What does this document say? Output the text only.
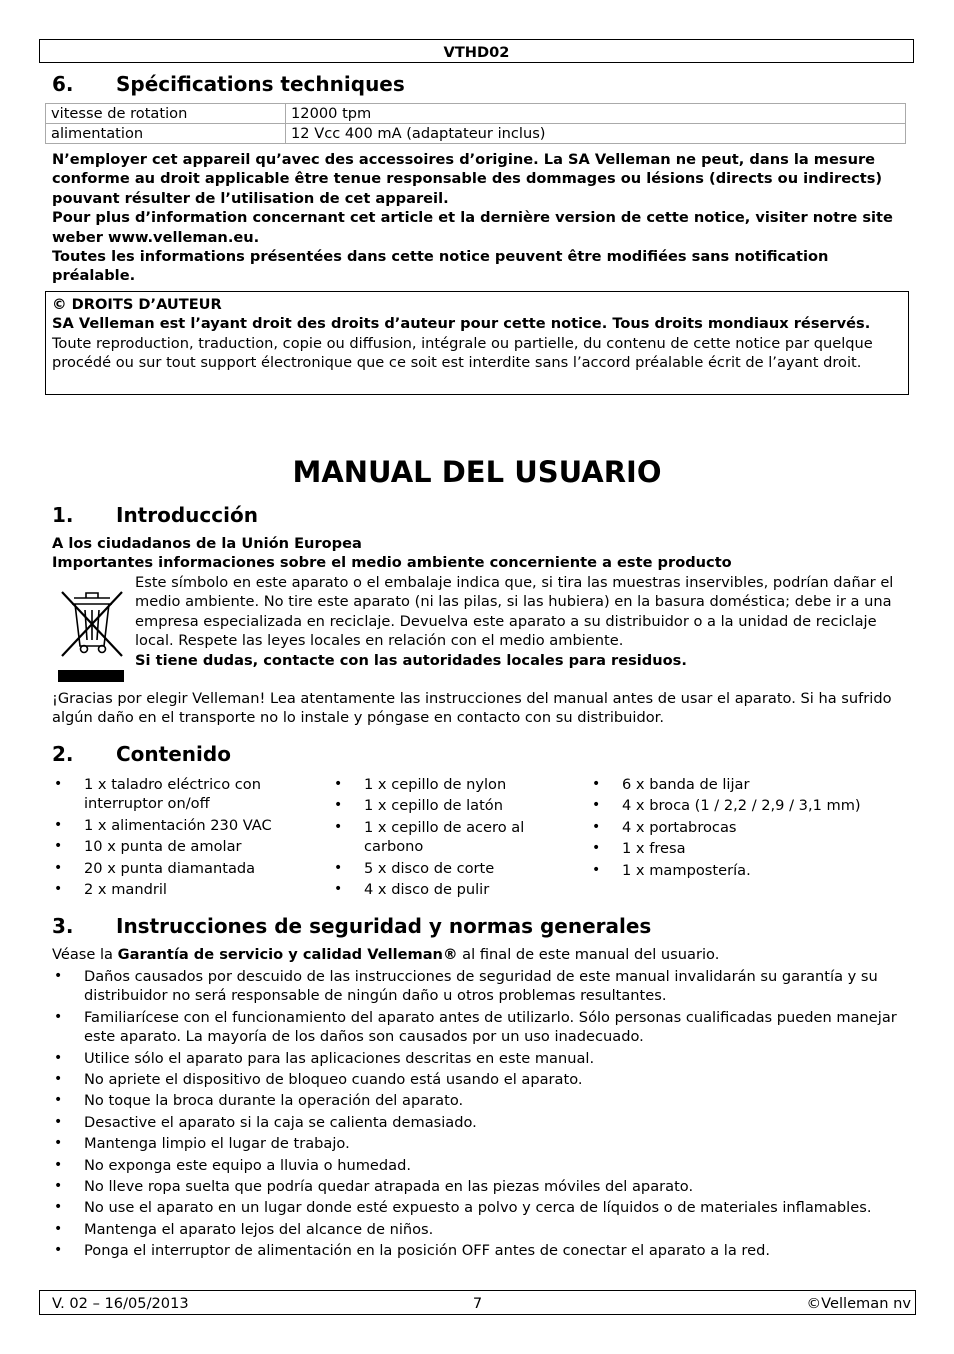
VTHD02
6. Spécifications techniques
vitesse de rotation	12000 tpm
alimentation	12 Vcc 400 mA (adaptateur inclus)

N’employer cet appareil qu’avec des accessoires d’origine. La SA Velleman ne peut, dans la mesure conforme au droit applicable être tenue responsable des dommages ou lésions (directs ou indirects) pouvant résulter de l’utilisation de cet appareil.

Pour plus d’information concernant cet article et la dernière version de cette notice, visiter notre site weber www.velleman.eu.

Toutes les informations présentées dans cette notice peuvent être modifiées sans notification préalable.

© DROITS D’AUTEUR

SA Velleman est l’ayant droit des droits d’auteur pour cette notice. Tous droits mondiaux réservés. Toute reproduction, traduction, copie ou diffusion, intégrale ou partielle, du contenu de cette notice par quelque procédé ou sur tout support électronique que ce soit est interdite sans l’accord préalable écrit de l’ayant droit.

MANUAL DEL USUARIO
1. Introducción

A los ciudadanos de la Unión Europea

Importantes informaciones sobre el medio ambiente concerniente a este producto

Este símbolo en este aparato o el embalaje indica que, si tira las muestras inservibles, podrían dañar el medio ambiente. No tire este aparato (ni las pilas, si las hubiera) en la basura doméstica; debe ir a una empresa especializada en reciclaje. Devuelva este aparato a su distribuidor o a la unidad de reciclaje local. Respete las leyes locales en relación con el medio ambiente.

Si tiene dudas, contacte con las autoridades locales para residuos.

¡Gracias por elegir Velleman! Lea atentamente las instrucciones del manual antes de usar el aparato. Si ha sufrido algún daño en el transporte no lo instale y póngase en contacto con su distribuidor.

2. Contenido
• 1 x taladro eléctrico con interruptor on/off
• 1 x alimentación 230 VAC
• 10 x punta de amolar
• 20 x punta diamantada
• 2 x mandril
• 1 x cepillo de nylon
• 1 x cepillo de latón
• 1 x cepillo de acero al carbono
• 5 x disco de corte
• 4 x disco de pulir
• 6 x banda de lijar
• 4 x broca (1 / 2,2 / 2,9 / 3,1 mm)
• 4 x portabrocas
• 1 x fresa
• 1 x mampostería.
3. Instrucciones de seguridad y normas generales
Véase la Garantía de servicio y calidad Velleman® al final de este manual del usuario.
• Daños causados por descuido de las instrucciones de seguridad de este manual invalidarán su garantía y su distribuidor no será responsable de ningún daño u otros problemas resultantes.
• Familiarícese con el funcionamiento del aparato antes de utilizarlo. Sólo personas cualificadas pueden manejar este aparato. La mayoría de los daños son causados por un uso inadecuado.
• Utilice sólo el aparato para las aplicaciones descritas en este manual.
• No apriete el dispositivo de bloqueo cuando está usando el aparato.
• No toque la broca durante la operación del aparato.
• Desactive el aparato si la caja se calienta demasiado.
• Mantenga limpio el lugar de trabajo.
• No exponga este equipo a lluvia o humedad.
• No lleve ropa suelta que podría quedar atrapada en las piezas móviles del aparato.
• No use el aparato en un lugar donde esté expuesto a polvo y cerca de líquidos o de materiales inflamables.
• Mantenga el aparato lejos del alcance de niños.
• Ponga el interruptor de alimentación en la posición OFF antes de conectar el aparato a la red.
V. 02 – 16/05/2013	7	©Velleman nv
